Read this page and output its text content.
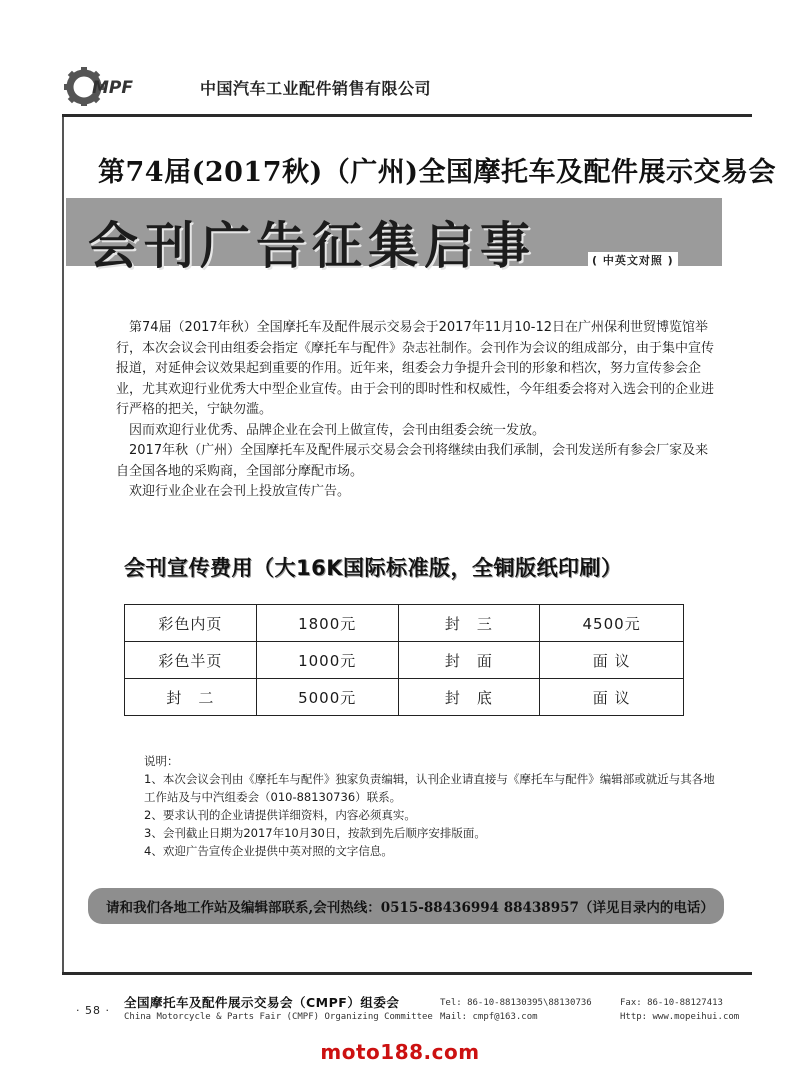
MPF	中国汽车工业配件销售有限公司
第74届(2017秋)（广州)全国摩托车及配件展示交易会
会刊广告征集启事	( 中英文对照 )

第74届（2017年秋）全国摩托车及配件展示交易会于2017年11月10-12日在广州保利世贸博览馆举行，本次会议会刊由组委会指定《摩托车与配件》杂志社制作。会刊作为会议的组成部分，由于集中宣传报道，对延伸会议效果起到重要的作用。近年来，组委会力争提升会刊的形象和档次，努力宣传参会企业，尤其欢迎行业优秀大中型企业宣传。由于会刊的即时性和权威性，今年组委会将对入选会刊的企业进行严格的把关，宁缺勿滥。

因而欢迎行业优秀、品牌企业在会刊上做宣传，会刊由组委会统一发放。

2017年秋（广州）全国摩托车及配件展示交易会会刊将继续由我们承制，会刊发送所有参会厂家及来自全国各地的采购商，全国部分摩配市场。

欢迎行业企业在会刊上投放宣传广告。

会刊宣传费用（大16K国际标准版，全铜版纸印刷）
彩色内页	1800元	封　三	4500元
彩色半页	1000元	封　面	面 议
封　二	5000元	封　底	面 议
说明：
1、本次会议会刊由《摩托车与配件》独家负责编辑，认刊企业请直接与《摩托车与配件》编辑部或就近与其各地工作站及与中汽组委会（010-88130736）联系。
2、要求认刊的企业请提供详细资料，内容必须真实。
3、会刊截止日期为2017年10月30日，按款到先后顺序安排版面。
4、欢迎广告宣传企业提供中英对照的文字信息。
请和我们各地工作站及编辑部联系,会刊热线：0515-88436994 88438957（详见目录内的电话）
· 58 ·
全国摩托车及配件展示交易会（CMPF）组委会
China Motorcycle & Parts Fair (CMPF) Organizing Committee
Tel: 86-10-88130395\88130736
Mail: cmpf@163.com
Fax: 86-10-88127413
Http: www.mopeihui.com
moto188.com
